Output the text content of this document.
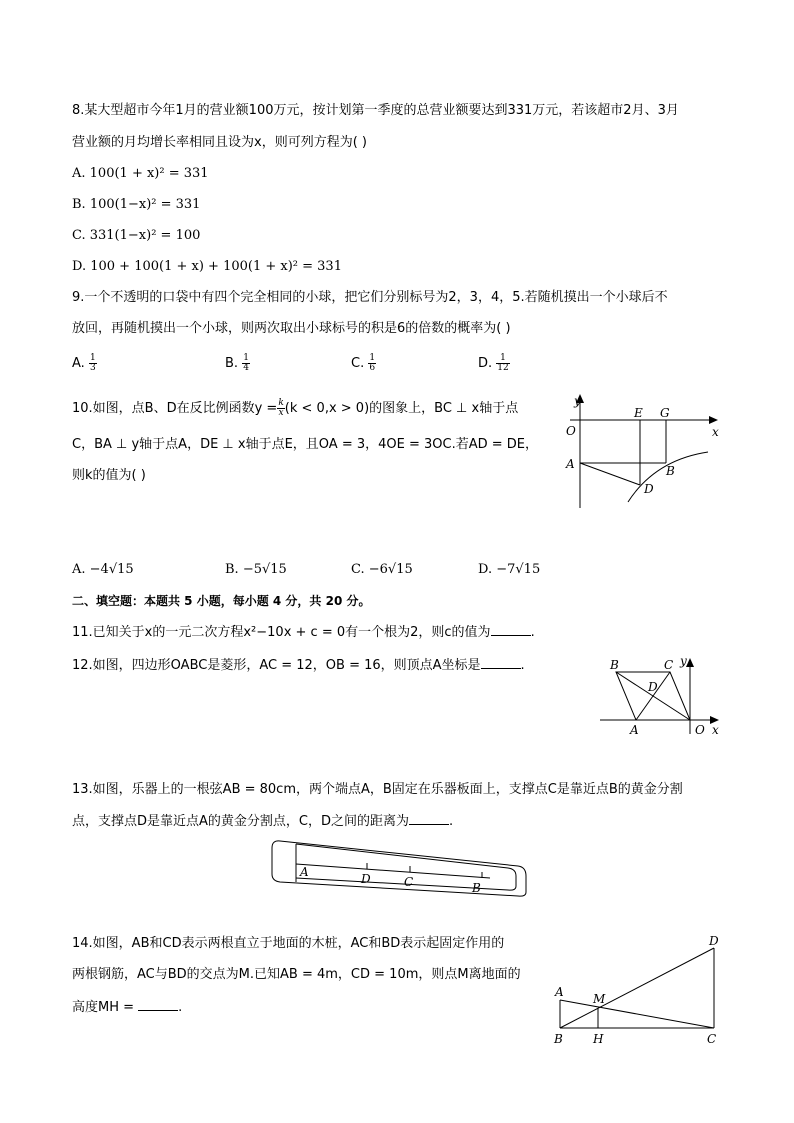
8.某大型超市今年1月的营业额100万元，按计划第一季度的总营业额要达到331万元，若该超市2月、3月
营业额的月均增长率相同且设为x，则可列方程为( )
A. 100(1 + x)² = 331
B. 100(1−x)² = 331
C. 331(1−x)² = 100
D. 100 + 100(1 + x) + 100(1 + x)² = 331
9.一个不透明的口袋中有四个完全相同的小球，把它们分别标号为2，3，4，5.若随机摸出一个小球后不
放回，再随机摸出一个小球，则两次取出小球标号的积是6的倍数的概率为( )
A. $\frac{1}{3}$	B. $\frac{1}{4}$	C. $\frac{1}{6}$	D. $\frac{1}{12}$
10.如图，点B、D在反比例函数$y = \frac{k}{x} (k < 0,x > 0)$的图象上，BC ⊥ x轴于点
C，BA ⊥ y轴于点A，DE ⊥ x轴于点E，且OA = 3，4OE = 3OC.若AD = DE，
则k的值为( )
y
x
O
E G
A	B
D
A. −4√15	B. −5√15	C. −6√15	D. −7√15
二、填空题：本题共 5 小题，每小题 4 分，共 20 分。
11.已知关于x的一元二次方程x²−10x + c = 0有一个根为2，则c的值为	.
12.如图，四边形OABC是菱形，AC = 12，OB = 16，则顶点A坐标是	.	B	C y
D
A	O x
13.如图，乐器上的一根弦AB = 80cm，两个端点A，B固定在乐器板面上，支撑点C是靠近点B的黄金分割
点，支撑点D是靠近点A的黄金分割点，C，D之间的距离为	.
A	D	C	B
14.如图，AB和CD表示两根直立于地面的木桩，AC和BD表示起固定作用的
两根钢筋，AC与BD的交点为M.已知AB = 4m，CD = 10m，则点M离地面的
高度MH =	.
D
A M
B	H	C
